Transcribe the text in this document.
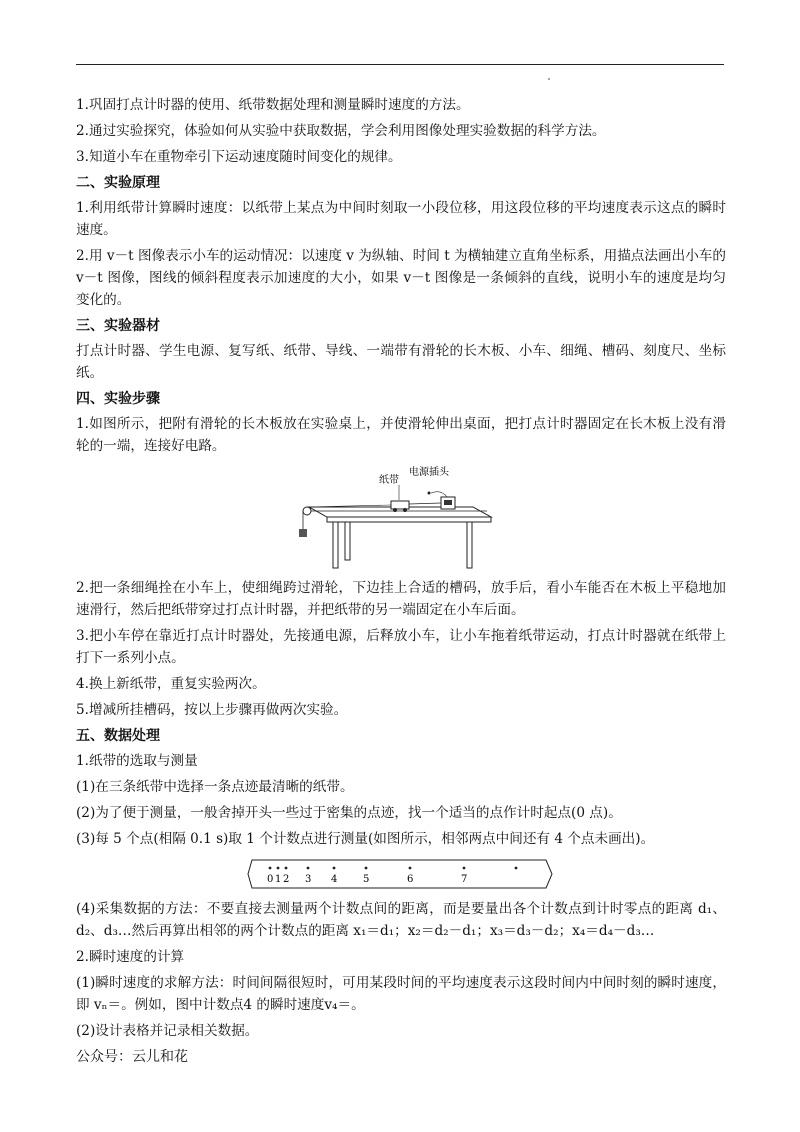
1.巩固打点计时器的使用、纸带数据处理和测量瞬时速度的方法。

2.通过实验探究，体验如何从实验中获取数据，学会利用图像处理实验数据的科学方法。

3.知道小车在重物牵引下运动速度随时间变化的规律。

二、实验原理

1.利用纸带计算瞬时速度：以纸带上某点为中间时刻取一小段位移，用这段位移的平均速度表示这点的瞬时速度。

2.用 v－t 图像表示小车的运动情况：以速度 v 为纵轴、时间 t 为横轴建立直角坐标系，用描点法画出小车的 v－t 图像，图线的倾斜程度表示加速度的大小，如果 v－t 图像是一条倾斜的直线，说明小车的速度是均匀变化的。

三、实验器材

打点计时器、学生电源、复写纸、纸带、导线、一端带有滑轮的长木板、小车、细绳、槽码、刻度尺、坐标纸。

四、实验步骤

1.如图所示，把附有滑轮的长木板放在实验桌上，并使滑轮伸出桌面，把打点计时器固定在长木板上没有滑轮的一端，连接好电路。

纸带
电源插头

2.把一条细绳拴在小车上，使细绳跨过滑轮，下边挂上合适的槽码，放手后，看小车能否在木板上平稳地加速滑行，然后把纸带穿过打点计时器，并把纸带的另一端固定在小车后面。

3.把小车停在靠近打点计时器处，先接通电源，后释放小车，让小车拖着纸带运动，打点计时器就在纸带上打下一系列小点。

4.换上新纸带，重复实验两次。

5.增减所挂槽码，按以上步骤再做两次实验。

五、数据处理

1.纸带的选取与测量

(1)在三条纸带中选择一条点迹最清晰的纸带。

(2)为了便于测量，一般舍掉开头一些过于密集的点迹，找一个适当的点作计时起点(0 点)。

(3)每 5 个点(相隔 0.1 s)取 1 个计数点进行测量(如图所示，相邻两点中间还有 4 个点未画出)。

0 1 2 3 4	5	6	7

(4)采集数据的方法：不要直接去测量两个计数点间的距离，而是要量出各个计数点到计时零点的距离 d₁、d₂、d₃…然后再算出相邻的两个计数点的距离 x₁＝d₁；x₂＝d₂－d₁；x₃＝d₃－d₂；x₄＝d₄－d₃…

2.瞬时速度的计算

(1)瞬时速度的求解方法：时间间隔很短时，可用某段时间的平均速度表示这段时间内中间时刻的瞬时速度，即 vₙ＝。例如，图中计数点4 的瞬时速度v₄＝。

(2)设计表格并记录相关数据。

公众号：云儿和花
